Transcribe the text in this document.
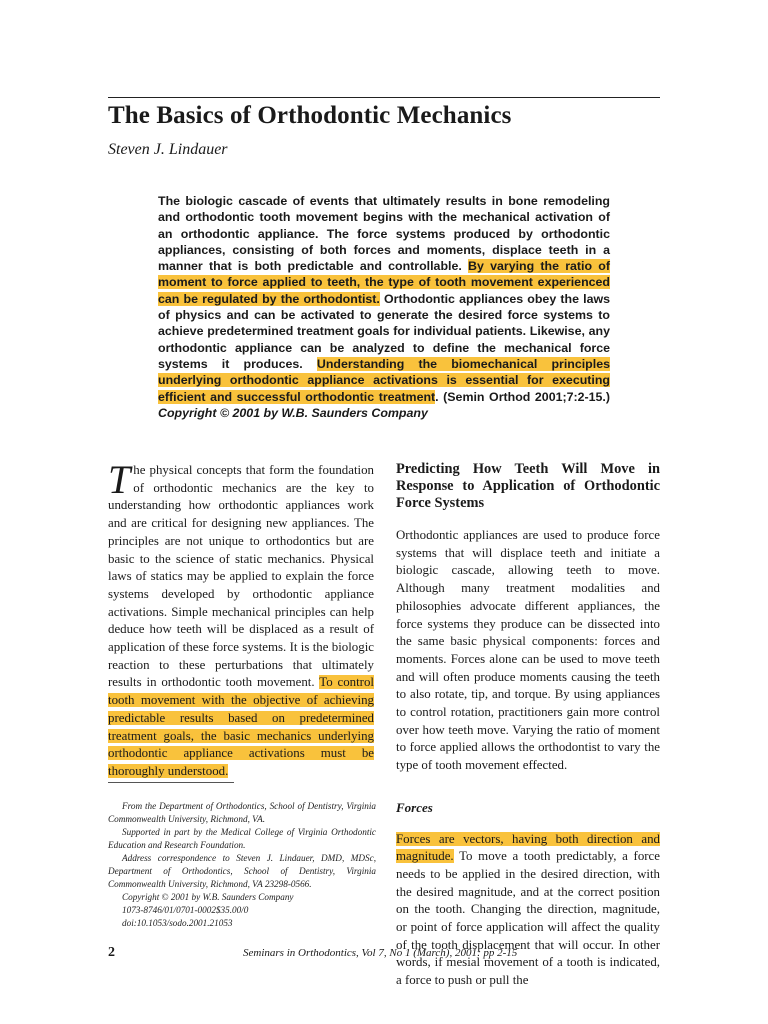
The Basics of Orthodontic Mechanics
Steven J. Lindauer
The biologic cascade of events that ultimately results in bone remodeling and orthodontic tooth movement begins with the mechanical activation of an orthodontic appliance. The force systems produced by orthodontic appliances, consisting of both forces and moments, displace teeth in a manner that is both predictable and controllable. By varying the ratio of moment to force applied to teeth, the type of tooth movement experienced can be regulated by the orthodontist. Orthodontic appliances obey the laws of physics and can be activated to generate the desired force systems to achieve predetermined treatment goals for individual patients. Likewise, any orthodontic appliance can be analyzed to define the mechanical force systems it produces. Understanding the biomechanical principles underlying orthodontic appliance activations is essential for executing efficient and successful orthodontic treatment. (Semin Orthod 2001;7:2-15.) Copyright © 2001 by W.B. Saunders Company
The physical concepts that form the foundation of orthodontic mechanics are the key to understanding how orthodontic appliances work and are critical for designing new appliances. The principles are not unique to orthodontics but are basic to the science of static mechanics. Physical laws of statics may be applied to explain the force systems developed by orthodontic appliance activations. Simple mechanical principles can help deduce how teeth will be displaced as a result of application of these force systems. It is the biologic reaction to these perturbations that ultimately results in orthodontic tooth movement. To control tooth movement with the objective of achieving predictable results based on predetermined treatment goals, the basic mechanics underlying orthodontic appliance activations must be thoroughly understood.
From the Department of Orthodontics, School of Dentistry, Virginia Commonwealth University, Richmond, VA.
Supported in part by the Medical College of Virginia Orthodontic Education and Research Foundation.
Address correspondence to Steven J. Lindauer, DMD, MDSc, Department of Orthodontics, School of Dentistry, Virginia Commonwealth University, Richmond, VA 23298-0566.
Copyright © 2001 by W.B. Saunders Company
1073-8746/01/0701-0002$35.00/0
doi:10.1053/sodo.2001.21053
Predicting How Teeth Will Move in Response to Application of Orthodontic Force Systems

Orthodontic appliances are used to produce force systems that will displace teeth and initiate a biologic cascade, allowing teeth to move. Although many treatment modalities and philosophies advocate different appliances, the force systems they produce can be dissected into the same basic physical components: forces and moments. Forces alone can be used to move teeth and will often produce moments causing the teeth to also rotate, tip, and torque. By using appliances to control rotation, practitioners gain more control over how teeth move. Varying the ratio of moment to force applied allows the orthodontist to vary the type of tooth movement effected.

Forces

Forces are vectors, having both direction and magnitude. To move a tooth predictably, a force needs to be applied in the desired direction, with the desired magnitude, and at the correct position on the tooth. Changing the direction, magnitude, or point of force application will affect the quality of the tooth displacement that will occur. In other words, if mesial movement of a tooth is indicated, a force to push or pull the

2	Seminars in Orthodontics, Vol 7, No 1 (March), 2001: pp 2-15
